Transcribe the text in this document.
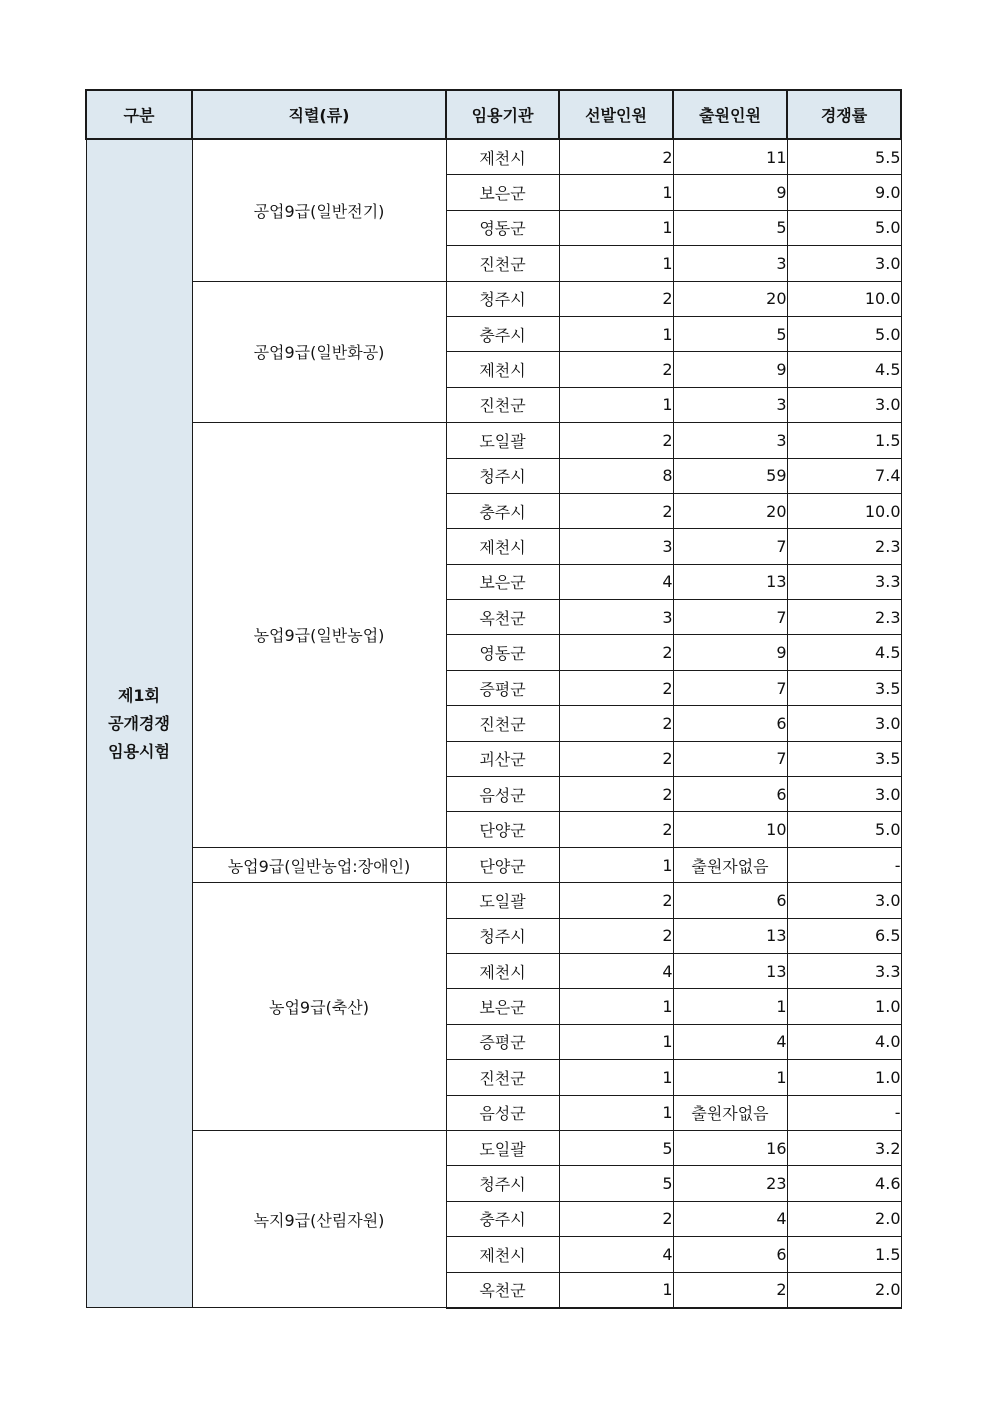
구분	직렬(류)	임용기관	선발인원	출원인원	경쟁률

제1회
공개경쟁
임용시험	공업9급(일반전기)	제천시	2	11	5.5
		보은군	1	9	9.0
		영동군	1	5	5.0
		진천군	1	3	3.0
	공업9급(일반화공)	청주시	2	20	10.0
		충주시	1	5	5.0
		제천시	2	9	4.5
		진천군	1	3	3.0
	농업9급(일반농업)	도일괄	2	3	1.5
		청주시	8	59	7.4
		충주시	2	20	10.0
		제천시	3	7	2.3
		보은군	4	13	3.3
		옥천군	3	7	2.3
		영동군	2	9	4.5
		증평군	2	7	3.5
		진천군	2	6	3.0
		괴산군	2	7	3.5
		음성군	2	6	3.0
		단양군	2	10	5.0
	농업9급(일반농업:장애인)	단양군	1	출원자없음	-
	농업9급(축산)	도일괄	2	6	3.0
		청주시	2	13	6.5
		제천시	4	13	3.3
		보은군	1	1	1.0
		증평군	1	4	4.0
		진천군	1	1	1.0
		음성군	1	출원자없음	-
	녹지9급(산림자원)	도일괄	5	16	3.2
		청주시	5	23	4.6
		충주시	2	4	2.0
		제천시	4	6	1.5
		옥천군	1	2	2.0
